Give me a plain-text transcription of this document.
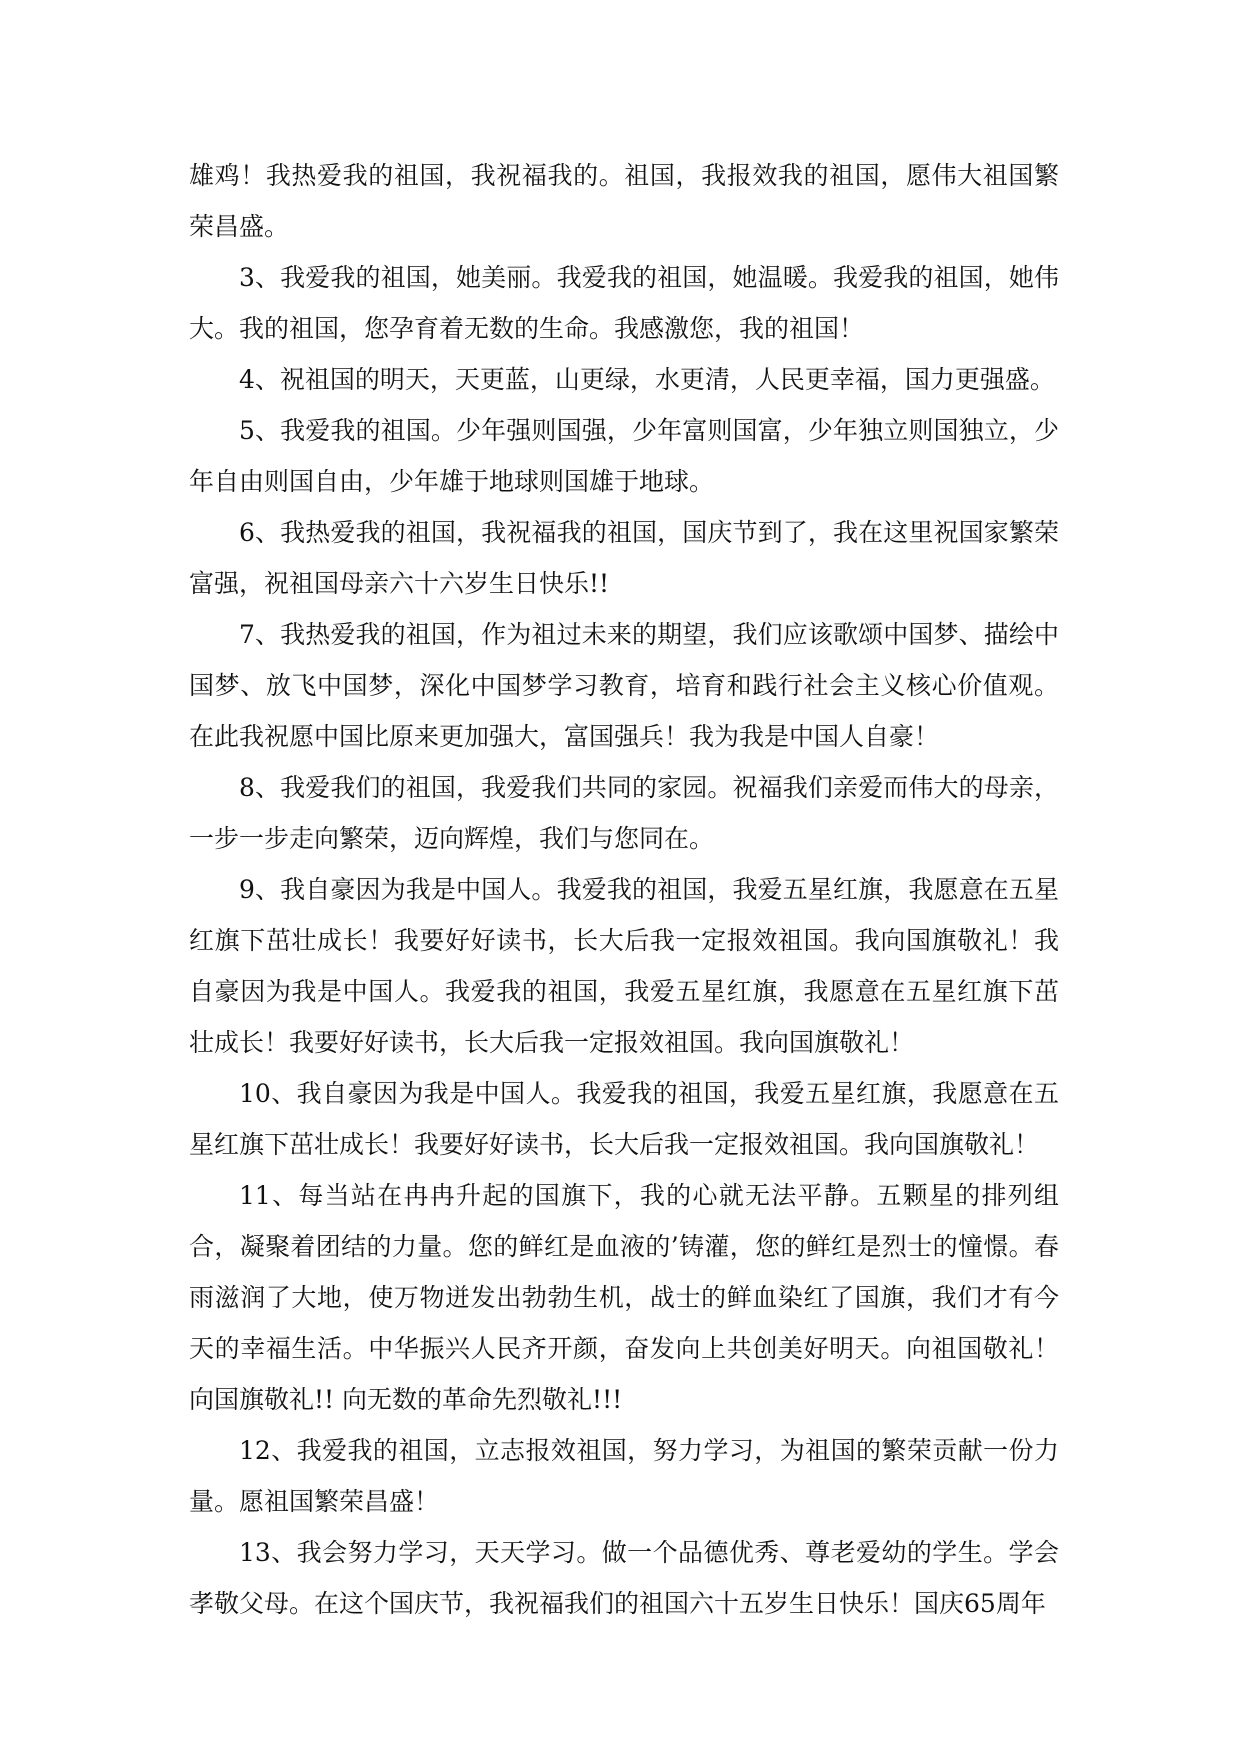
雄鸡！我热爱我的祖国，我祝福我的。祖国，我报效我的祖国，愿伟大祖国繁荣昌盛。

3、我爱我的祖国，她美丽。我爱我的祖国，她温暖。我爱我的祖国，她伟大。我的祖国，您孕育着无数的生命。我感激您，我的祖国！

4、祝祖国的明天，天更蓝，山更绿，水更清，人民更幸福，国力更强盛。

5、我爱我的祖国。少年强则国强，少年富则国富，少年独立则国独立，少年自由则国自由，少年雄于地球则国雄于地球。

6、我热爱我的祖国，我祝福我的祖国，国庆节到了，我在这里祝国家繁荣富强，祝祖国母亲六十六岁生日快乐!!

7、我热爱我的祖国，作为祖过未来的期望，我们应该歌颂中国梦、描绘中国梦、放飞中国梦，深化中国梦学习教育，培育和践行社会主义核心价值观。在此我祝愿中国比原来更加强大，富国强兵！我为我是中国人自豪！

8、我爱我们的祖国，我爱我们共同的家园。祝福我们亲爱而伟大的母亲，一步一步走向繁荣，迈向辉煌，我们与您同在。

9、我自豪因为我是中国人。我爱我的祖国，我爱五星红旗，我愿意在五星红旗下茁壮成长！我要好好读书，长大后我一定报效祖国。我向国旗敬礼！我自豪因为我是中国人。我爱我的祖国，我爱五星红旗，我愿意在五星红旗下茁壮成长！我要好好读书，长大后我一定报效祖国。我向国旗敬礼！

10、我自豪因为我是中国人。我爱我的祖国，我爱五星红旗，我愿意在五星红旗下茁壮成长！我要好好读书，长大后我一定报效祖国。我向国旗敬礼！

11、每当站在冉冉升起的国旗下，我的心就无法平静。五颗星的排列组合，凝聚着团结的力量。您的鲜红是血液的’铸灌，您的鲜红是烈士的憧憬。春雨滋润了大地，使万物迸发出勃勃生机，战士的鲜血染红了国旗，我们才有今天的幸福生活。中华振兴人民齐开颜，奋发向上共创美好明天。向祖国敬礼！向国旗敬礼!! 向无数的革命先烈敬礼!!!

12、我爱我的祖国，立志报效祖国，努力学习，为祖国的繁荣贡献一份力量。愿祖国繁荣昌盛！

13、我会努力学习，天天学习。做一个品德优秀、尊老爱幼的学生。学会孝敬父母。在这个国庆节，我祝福我们的祖国六十五岁生日快乐！国庆65周年
